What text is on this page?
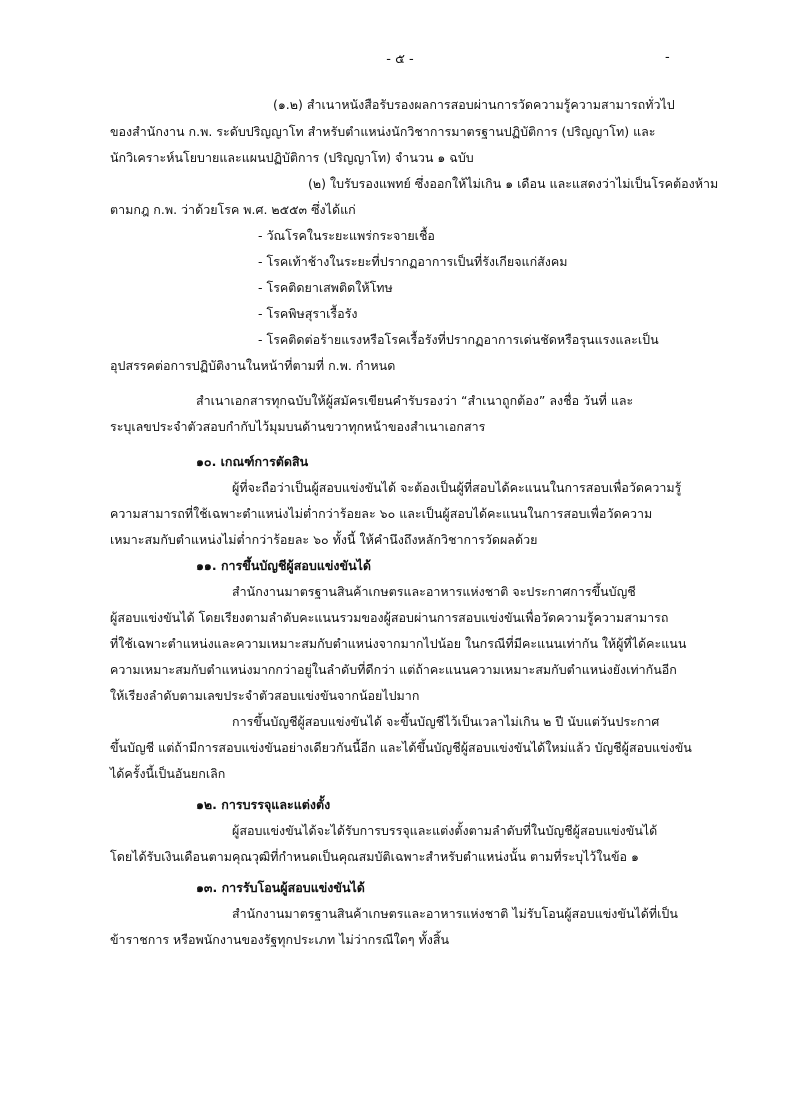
- ๕ -	-
(๑.๒) สำเนาหนังสือรับรองผลการสอบผ่านการวัดความรู้ความสามารถทั่วไป
ของสำนักงาน ก.พ. ระดับปริญญาโท สำหรับตำแหน่งนักวิชาการมาตรฐานปฏิบัติการ (ปริญญาโท) และ
นักวิเคราะห์นโยบายและแผนปฏิบัติการ (ปริญญาโท) จำนวน ๑ ฉบับ
(๒) ใบรับรองแพทย์ ซึ่งออกให้ไม่เกิน ๑ เดือน และแสดงว่าไม่เป็นโรคต้องห้าม
ตามกฎ ก.พ. ว่าด้วยโรค พ.ศ. ๒๕๕๓ ซึ่งได้แก่
- วัณโรคในระยะแพร่กระจายเชื้อ
- โรคเท้าช้างในระยะที่ปรากฏอาการเป็นที่รังเกียจแก่สังคม
- โรคติดยาเสพติดให้โทษ
- โรคพิษสุราเรื้อรัง
- โรคติดต่อร้ายแรงหรือโรคเรื้อรังที่ปรากฏอาการเด่นชัดหรือรุนแรงและเป็น
อุปสรรคต่อการปฏิบัติงานในหน้าที่ตามที่ ก.พ. กำหนด
สำเนาเอกสารทุกฉบับให้ผู้สมัครเขียนคำรับรองว่า “สำเนาถูกต้อง” ลงชื่อ วันที่ และ
ระบุเลขประจำตัวสอบกำกับไว้มุมบนด้านขวาทุกหน้าของสำเนาเอกสาร
๑๐. เกณฑ์การตัดสิน
ผู้ที่จะถือว่าเป็นผู้สอบแข่งขันได้ จะต้องเป็นผู้ที่สอบได้คะแนนในการสอบเพื่อวัดความรู้
ความสามารถที่ใช้เฉพาะตำแหน่งไม่ต่ำกว่าร้อยละ ๖๐ และเป็นผู้สอบได้คะแนนในการสอบเพื่อวัดความ
เหมาะสมกับตำแหน่งไม่ต่ำกว่าร้อยละ ๖๐ ทั้งนี้ ให้คำนึงถึงหลักวิชาการวัดผลด้วย
๑๑. การขึ้นบัญชีผู้สอบแข่งขันได้
สำนักงานมาตรฐานสินค้าเกษตรและอาหารแห่งชาติ จะประกาศการขึ้นบัญชี
ผู้สอบแข่งขันได้ โดยเรียงตามลำดับคะแนนรวมของผู้สอบผ่านการสอบแข่งขันเพื่อวัดความรู้ความสามารถ
ที่ใช้เฉพาะตำแหน่งและความเหมาะสมกับตำแหน่งจากมากไปน้อย ในกรณีที่มีคะแนนเท่ากัน ให้ผู้ที่ได้คะแนน
ความเหมาะสมกับตำแหน่งมากกว่าอยู่ในลำดับที่ดีกว่า แต่ถ้าคะแนนความเหมาะสมกับตำแหน่งยังเท่ากันอีก
ให้เรียงลำดับตามเลขประจำตัวสอบแข่งขันจากน้อยไปมาก
การขึ้นบัญชีผู้สอบแข่งขันได้ จะขึ้นบัญชีไว้เป็นเวลาไม่เกิน ๒ ปี นับแต่วันประกาศ
ขึ้นบัญชี แต่ถ้ามีการสอบแข่งขันอย่างเดียวกันนี้อีก และได้ขึ้นบัญชีผู้สอบแข่งขันได้ใหม่แล้ว บัญชีผู้สอบแข่งขัน
ได้ครั้งนี้เป็นอันยกเลิก
๑๒. การบรรจุและแต่งตั้ง
ผู้สอบแข่งขันได้จะได้รับการบรรจุและแต่งตั้งตามลำดับที่ในบัญชีผู้สอบแข่งขันได้
โดยได้รับเงินเดือนตามคุณวุฒิที่กำหนดเป็นคุณสมบัติเฉพาะสำหรับตำแหน่งนั้น ตามที่ระบุไว้ในข้อ ๑
๑๓. การรับโอนผู้สอบแข่งขันได้
สำนักงานมาตรฐานสินค้าเกษตรและอาหารแห่งชาติ ไม่รับโอนผู้สอบแข่งขันได้ที่เป็น
ข้าราชการ หรือพนักงานของรัฐทุกประเภท ไม่ว่ากรณีใดๆ ทั้งสิ้น
